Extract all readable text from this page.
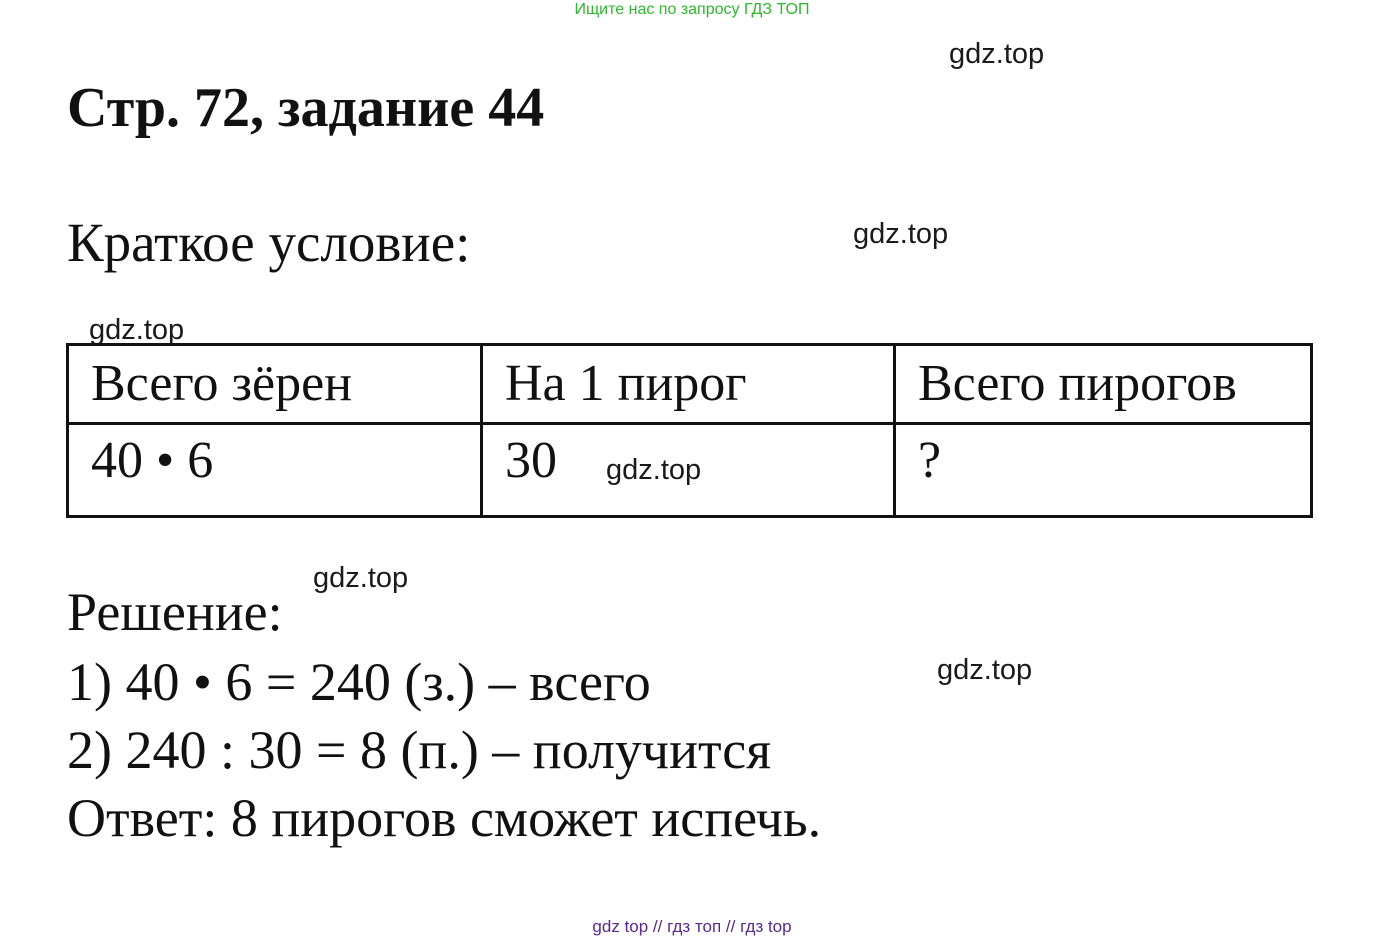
Ищите нас по запросу ГДЗ ТОП
gdz.top
Стр. 72, задание 44
Краткое условие:	gdz.top
gdz.top
Всего зёрен	На 1 пирог	Всего пирогов
40 • 6	30	?
gdz.top
gdz.top
Решение:
1) 40 • 6 = 240 (з.) – всего	gdz.top
2) 240 : 30 = 8 (п.) – получится
Ответ: 8 пирогов сможет испечь.
gdz top // гдз топ // гдз top
